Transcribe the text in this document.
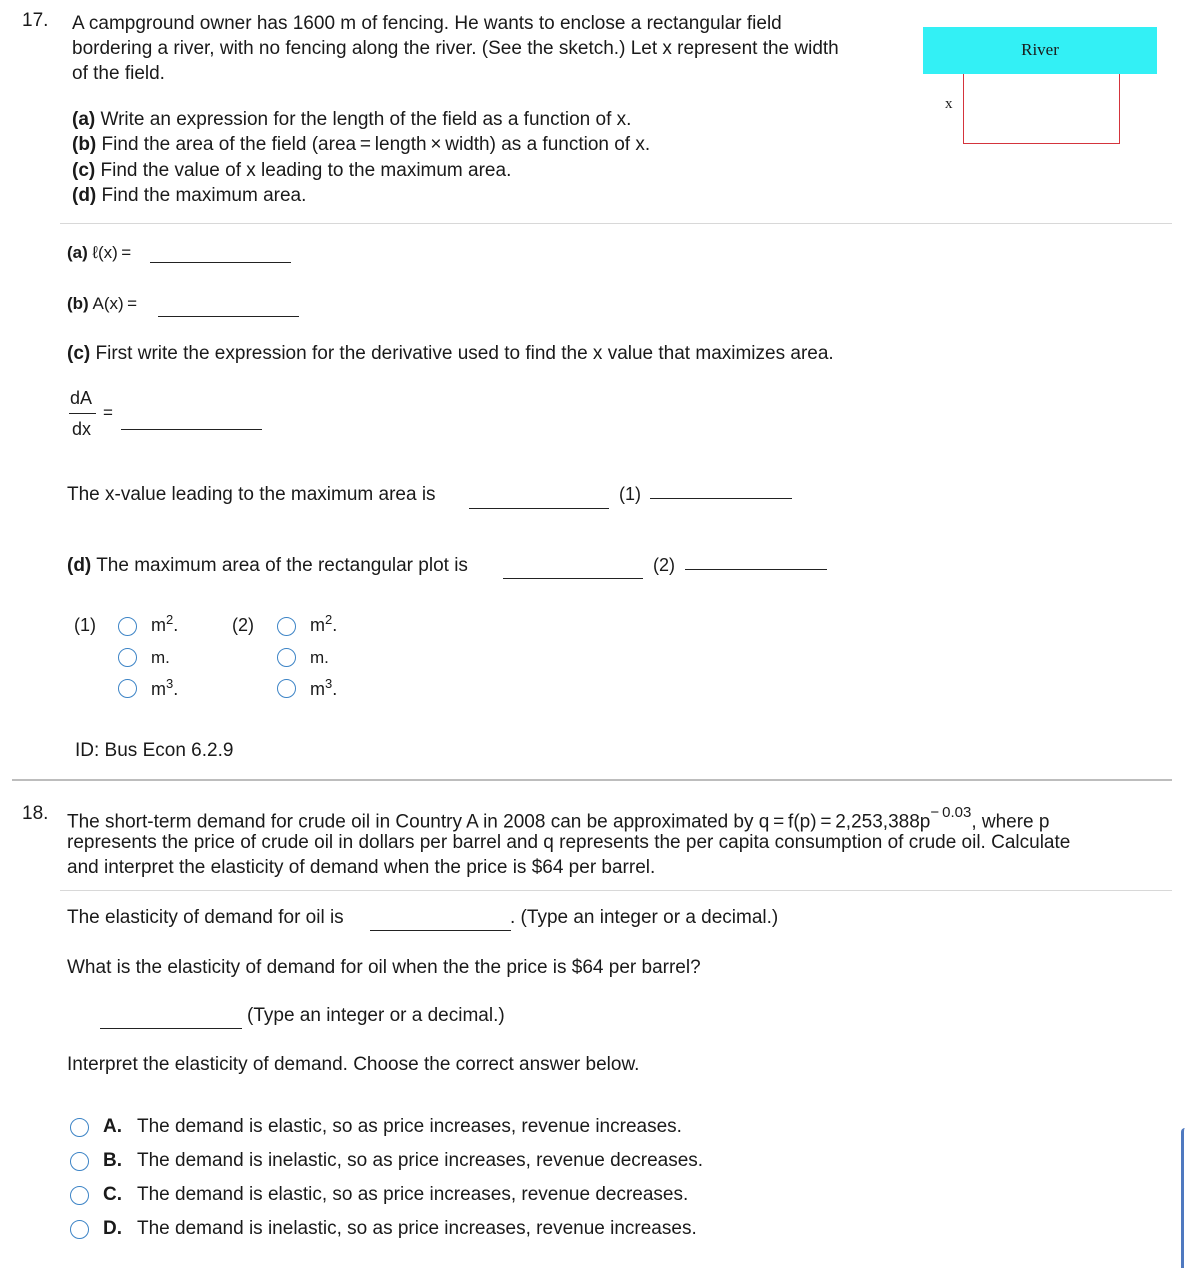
17. A campground owner has 1600 m of fencing. He wants to enclose a rectangular field
bordering a river, with no fencing along the river. (See the sketch.) Let x represent the width
of the field.
River
x
(a) Write an expression for the length of the field as a function of x.
(b) Find the area of the field (area = length × width) as a function of x.
(c) Find the value of x leading to the maximum area.
(d) Find the maximum area.
(a) ℓ(x) =
(b) A(x) =
(c) First write the expression for the derivative used to find the x value that maximizes area.
dA
dx
=
The x-value leading to the maximum area is	(1)
(d) The maximum area of the rectangular plot is	(2)
(1)	$m^2$.
m.
$m^3$.
(2)	$m^2$.
m.
$m^3$.
ID: Bus Econ 6.2.9
18. The short-term demand for crude oil in Country A in 2008 can be approximated by $q = f(p) = 2,253,388p^{- 0.03}$, where p
represents the price of crude oil in dollars per barrel and q represents the per capita consumption of crude oil. Calculate
and interpret the elasticity of demand when the price is $64 per barrel.
The elasticity of demand for oil is	. (Type an integer or a decimal.)
What is the elasticity of demand for oil when the the price is $64 per barrel?
(Type an integer or a decimal.)
Interpret the elasticity of demand. Choose the correct answer below.
A. The demand is elastic, so as price increases, revenue increases.
B. The demand is inelastic, so as price increases, revenue decreases.
C. The demand is elastic, so as price increases, revenue decreases.
D. The demand is inelastic, so as price increases, revenue increases.
